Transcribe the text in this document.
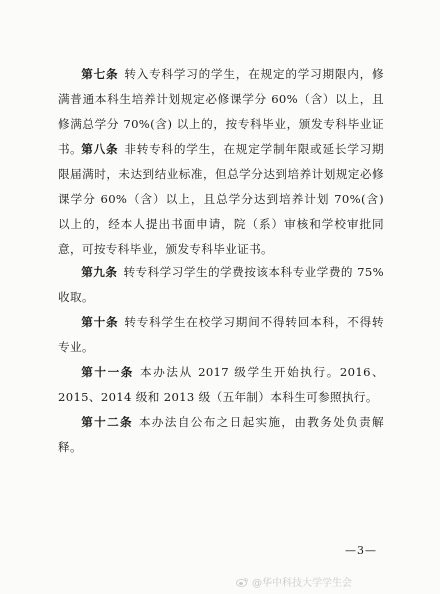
第七条 转入专科学习的学生，在规定的学习期限内，修满普通本科生培养计划规定必修课学分 60%（含）以上，且修满总学分 70%(含) 以上的，按专科毕业，颁发专科毕业证书。 第八条 非转专科的学生，在规定学制年限或延长学习期限届满时，未达到结业标准，但总学分达到培养计划规定必修课学分 60%（含）以上，且总学分达到培养计划 70%(含) 以上的，经本人提出书面申请，院（系）审核和学校审批同意，可按专科毕业，颁发专科毕业证书。

第九条 转专科学习学生的学费按该本科专业学费的 75%收取。

第十条 转专科学生在校学习期间不得转回本科，不得转专业。

第十一条 本办法从 2017 级学生开始执行。2016、2015、2014 级和 2013 级（五年制）本科生可参照执行。

第十二条 本办法自公布之日起实施，由教务处负责解释。

—3—
@华中科技大学学生会
